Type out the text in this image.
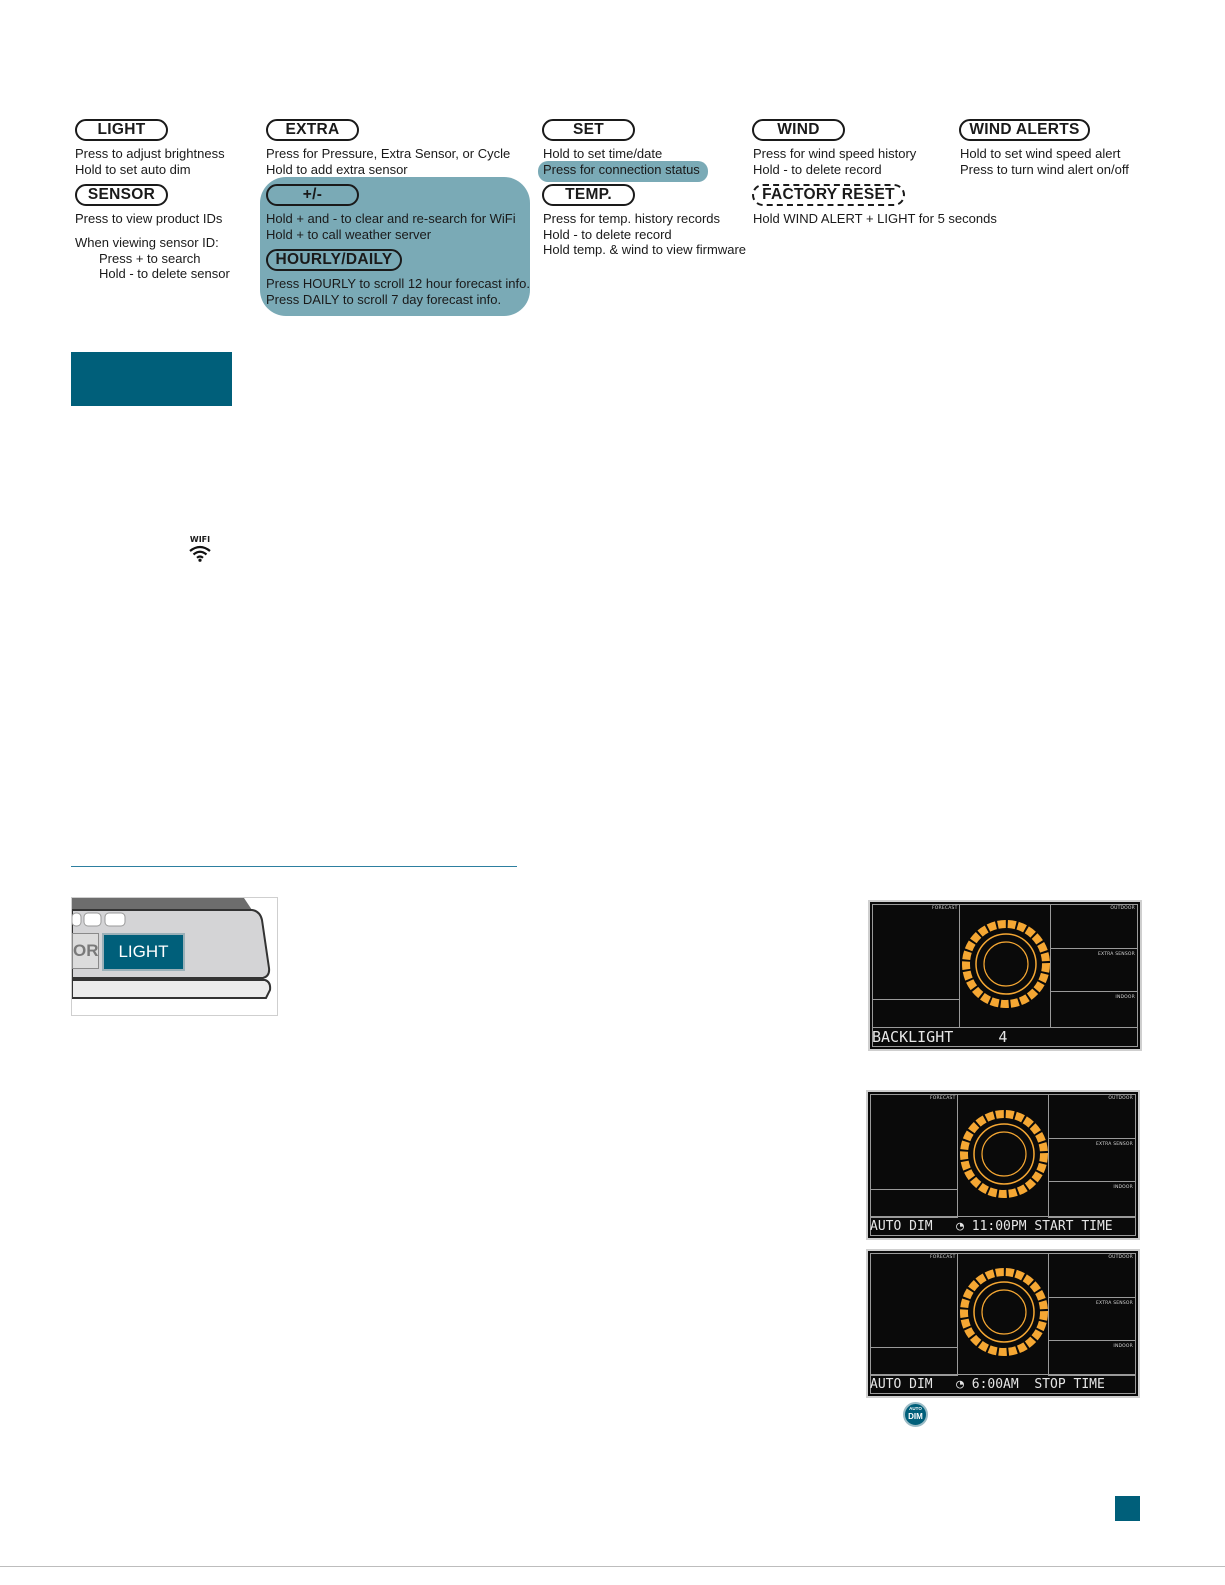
LIGHT
Press to adjust brightness
Hold to set auto dim
EXTRA
Press for Pressure, Extra Sensor, or Cycle
Hold to add extra sensor
SET
Hold to set time/date
Press for connection status
WIND
Press for wind speed history
Hold - to delete record
WIND ALERTS
Hold to set wind speed alert
Press to turn wind alert on/off
SENSOR
Press to view product IDs
When viewing sensor ID:
Press + to search
Hold - to delete sensor
+/-
Hold + and - to clear and re-search for WiFi
Hold + to call weather server
HOURLY/DAILY
Press HOURLY to scroll 12 hour forecast info.
Press DAILY to scroll 7 day forecast info.
TEMP.
Press for temp. history records
Hold - to delete record
Hold temp. & wind to view firmware
FACTORY RESET
Hold WIND ALERT + LIGHT for 5 seconds
WIFI
OR	LIGHT
FORECAST	OUTDOOR
EXTRA SENSOR
INDOOR
BACKLIGHT     4
FORECAST	OUTDOOR
EXTRA SENSOR
INDOOR
AUTO DIM   ◔ 11:00PM START TIME
FORECAST	OUTDOOR
EXTRA SENSOR
INDOOR
AUTO DIM   ◔ 6:00AM  STOP TIME
AUTO
DIM
